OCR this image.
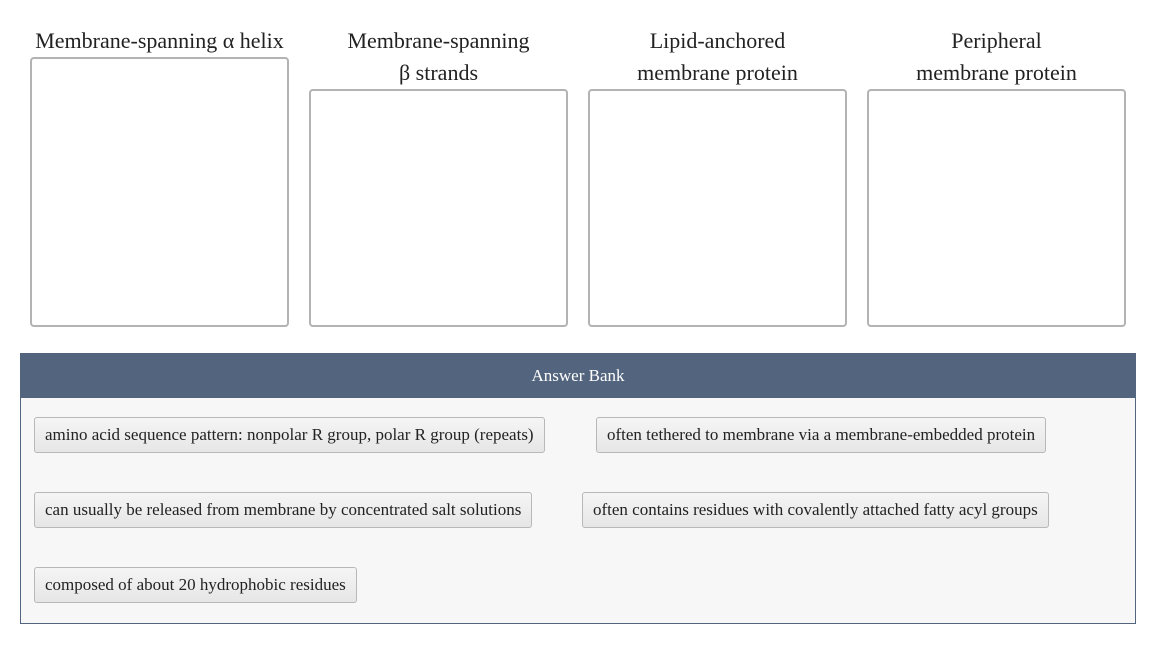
Membrane-spanning α helix	Membrane-spanning
β strands
Lipid-anchored
membrane protein
Peripheral
membrane protein
Answer Bank
amino acid sequence pattern: nonpolar R group, polar R group (repeats)	often tethered to membrane via a membrane-embedded protein
can usually be released from membrane by concentrated salt solutions	often contains residues with covalently attached fatty acyl groups
composed of about 20 hydrophobic residues
